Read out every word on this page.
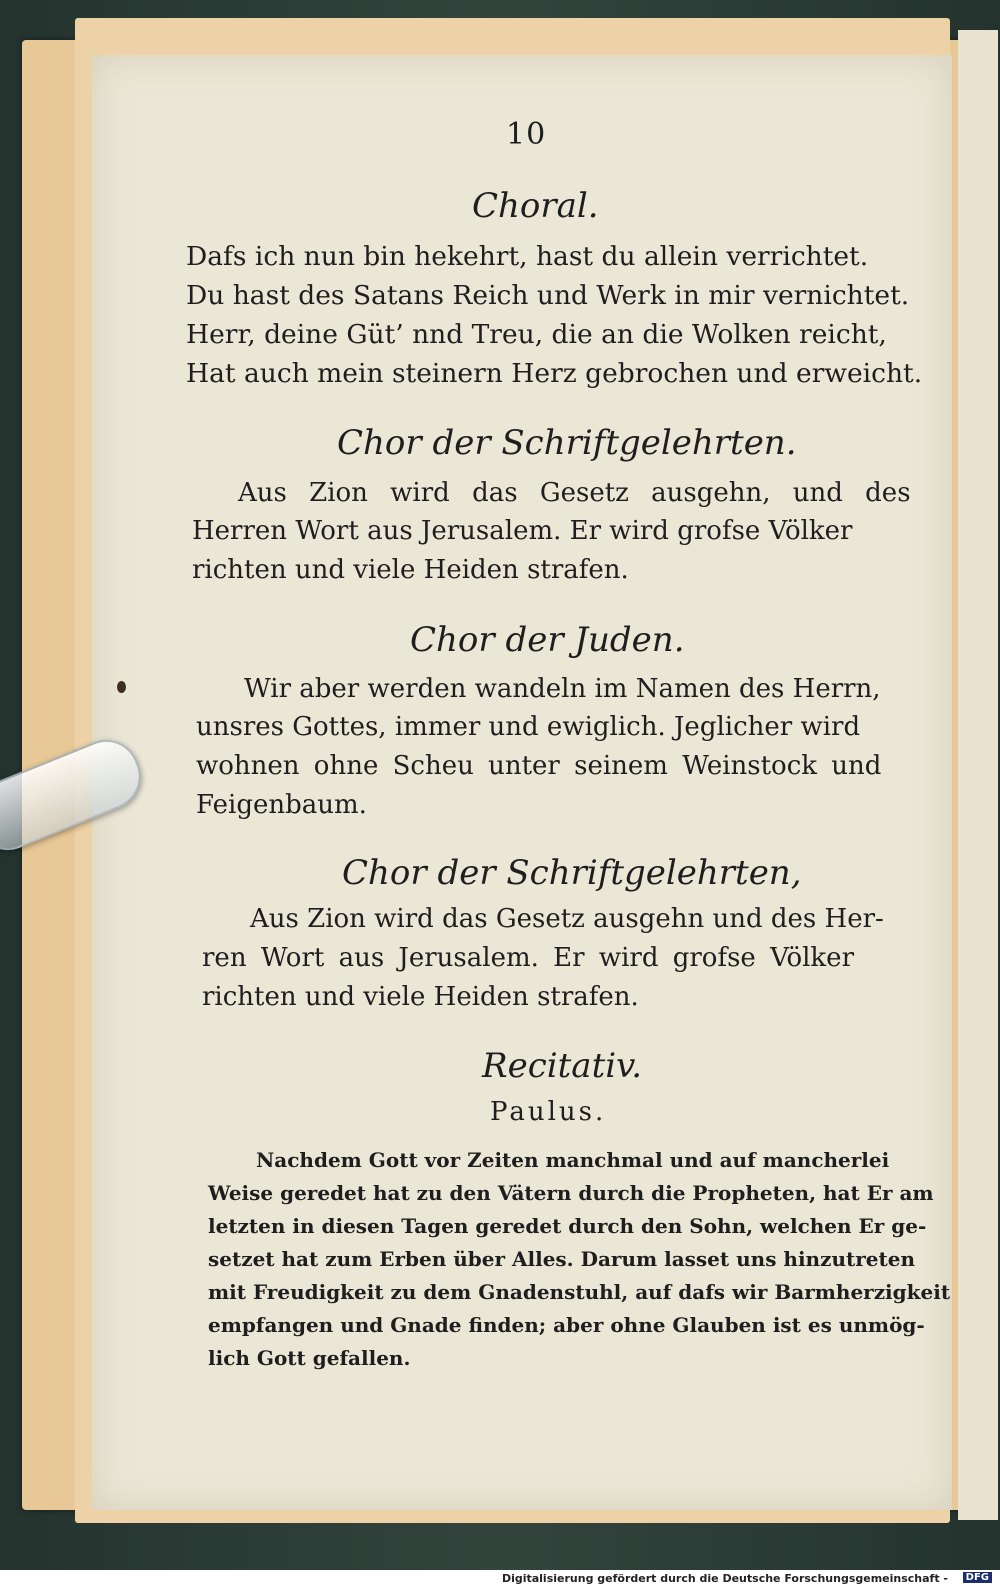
10

Choral.

Dafs ich nun bin hekehrt, hast du allein verrichtet.

Du hast des Satans Reich und Werk in mir vernichtet.

Herr, deine Güt’ nnd Treu, die an die Wolken reicht,

Hat auch mein steinern Herz gebrochen und erweicht.

Chor der Schriftgelehrten.

Aus Zion wird das Gesetz ausgehn, und des

Herren Wort aus Jerusalem. Er wird grofse Völker

richten und viele Heiden strafen.

Chor der Juden.

Wir aber werden wandeln im Namen des Herrn,

unsres Gottes, immer und ewiglich. Jeglicher wird

wohnen ohne Scheu unter seinem Weinstock und

Feigenbaum.

Chor der Schriftgelehrten,

Aus Zion wird das Gesetz ausgehn und des Her-

ren Wort aus Jerusalem. Er wird grofse Völker

richten und viele Heiden strafen.

Recitativ.

Paulus.

Nachdem Gott vor Zeiten manchmal und auf mancherlei

Weise geredet hat zu den Vätern durch die Propheten, hat Er am

letzten in diesen Tagen geredet durch den Sohn, welchen Er ge-

setzet hat zum Erben über Alles. Darum lasset uns hinzutreten

mit Freudigkeit zu dem Gnadenstuhl, auf dafs wir Barmherzigkeit

empfangen und Gnade finden; aber ohne Glauben ist es unmög-

lich Gott gefallen.

Digitalisierung gefördert durch die Deutsche Forschungsgemeinschaft -	DFG
